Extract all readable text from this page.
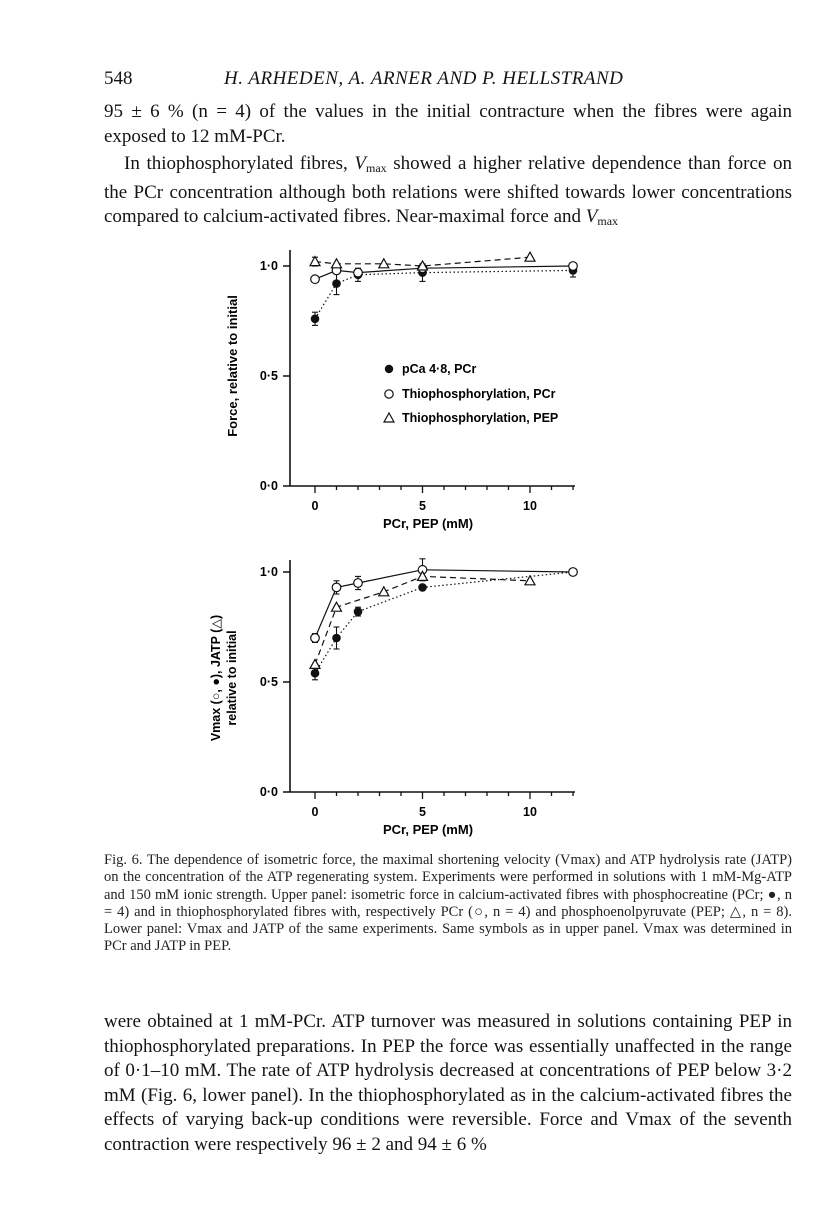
548	H. ARHEDEN, A. ARNER AND P. HELLSTRAND

95 ± 6 % (n = 4) of the values in the initial contracture when the fibres were again

exposed to 12 mM-PCr.

In thiophosphorylated fibres, $V_{max}$ showed a higher relative dependence than force on the PCr concentration although both relations were shifted towards lower concentrations compared to calcium-activated fibres. Near-maximal force and $V_{max}$

0·0
0·5
1·0
0	5	10
Force, relative to initial
PCr, PEP (mM)
pCa 4·8, PCr
Thiophosphorylation, PCr
Thiophosphorylation, PEP
0·0
0·5
1·0
0	5	10
Vmax (○, ●), JATP (△) relative to initial
PCr, PEP (mM)

Fig. 6. The dependence of isometric force, the maximal shortening velocity (Vmax) and ATP hydrolysis rate (JATP) on the concentration of the ATP regenerating system. Experiments were performed in solutions with 1 mM-Mg-ATP and 150 mM ionic strength. Upper panel: isometric force in calcium-activated fibres with phosphocreatine (PCr; ●, n = 4) and in thiophosphorylated fibres with, respectively PCr (○, n = 4) and phosphoenolpyruvate (PEP; △, n = 8). Lower panel: Vmax and JATP of the same experiments. Same symbols as in upper panel. Vmax was determined in PCr and JATP in PEP.

were obtained at 1 mM-PCr. ATP turnover was measured in solutions containing PEP in thiophosphorylated preparations. In PEP the force was essentially unaffected in the range of 0·1–10 mM. The rate of ATP hydrolysis decreased at concentrations of PEP below 3·2 mM (Fig. 6, lower panel). In the thiophosphorylated as in the calcium-activated fibres the effects of varying back-up conditions were reversible. Force and Vmax of the seventh contraction were respectively 96 ± 2 and 94 ± 6 %
